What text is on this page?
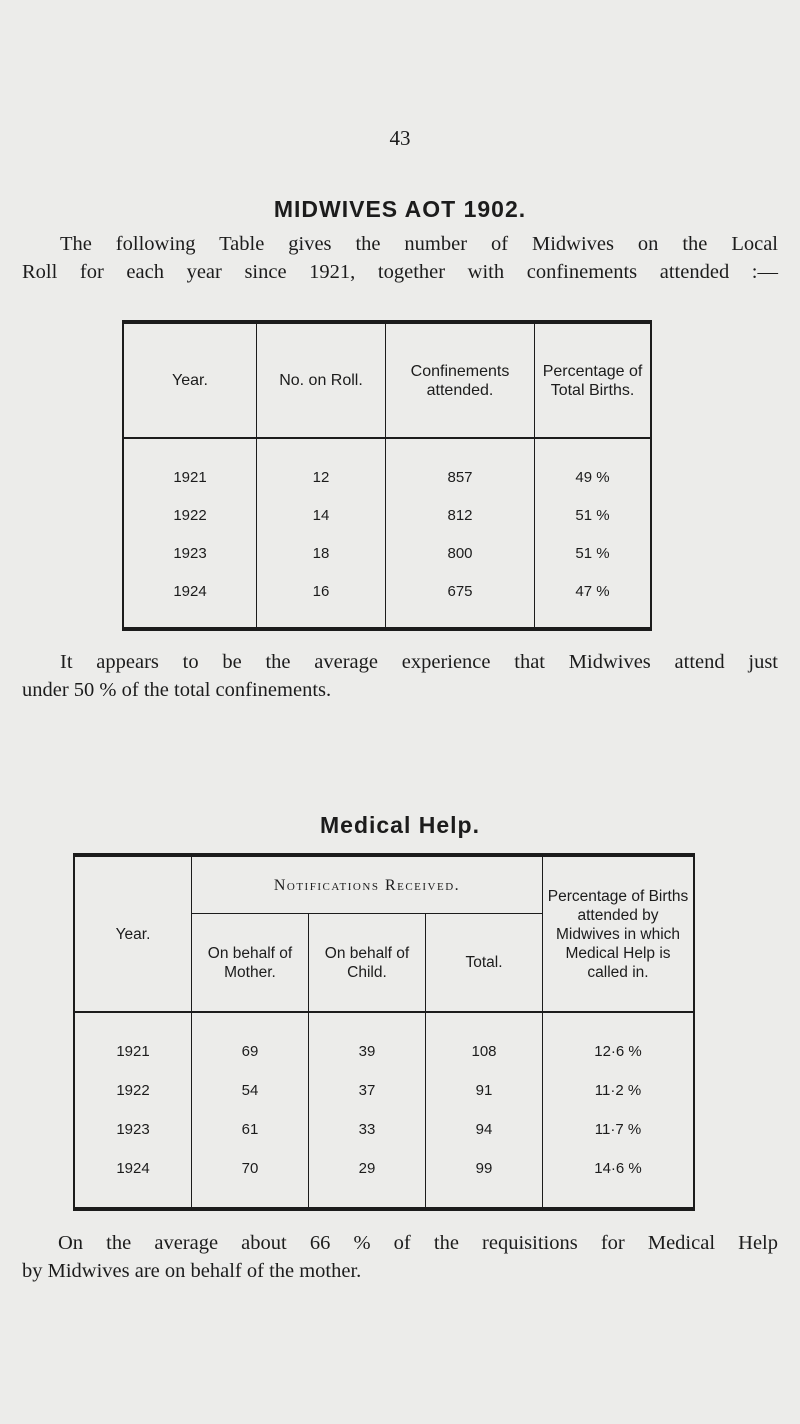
43
MIDWIVES AOT 1902.
The following Table gives the number of Midwives on the Local
Roll for each year since 1921, together with confinements attended :—
Year.	No. on Roll.	Confinements attended.	Percentage of Total Births.
1921	12	857	49 %
1922	14	812	51 %
1923	18	800	51 %
1924	16	675	47 %
It appears to be the average experience that Midwives attend just
under 50 % of the total confinements.
Medical Help.
Year.	Notifications Received.			Percentage of Births attended by Midwives in which Medical Help is called in.
	On behalf of Mother.	On behalf of Child.	Total.	
1921	69	39	108	12·6 %
1922	54	37	91	11·2 %
1923	61	33	94	11·7 %
1924	70	29	99	14·6 %
On the average about 66 % of the requisitions for Medical Help
by Midwives are on behalf of the mother.
